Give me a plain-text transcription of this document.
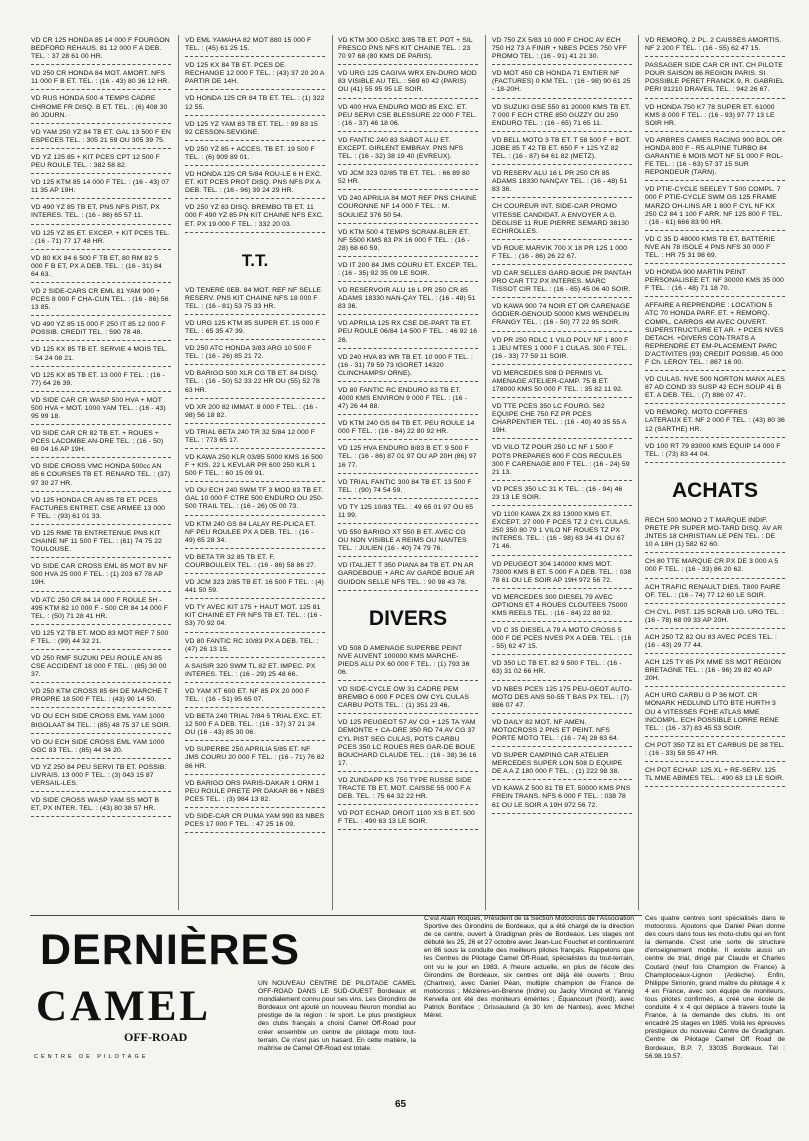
VD CR 125 HONDA 85 14 000 F FOURGON BEDFORD REHAUS. 81 12 000 F A DEB. TEL. : 37 28 61 00 HR.
VD 250 CR HONDA 84 MOT. AMORT. NFS 11 000 F B ET. TEL. : (16 - 43) 80 36 12 HR.
VD RUS HONDA 500 4 TEMPS CADRE CHROME FR DISQ. B ET. TEL. : (6) 408 30 80 JOURN.
VD YAM 250 YZ 84 TB ET. GAL 13 500 F EN ESPECES TEL. : 305 21 59 OU 305 39 75.
VD YZ 125 85 + KIT PCES CPT 12 500 F PEU ROULE TEL. : 382 58 82.
VD 125 KTM 85 14 000 F TEL. : (16 - 43) 07 11 35 AP 19H.
VD 490 YZ 85 TB ET, PNS NFS PIST, PX INTERES. TEL. : (16 - 86) 65 57 11.
VD 125 YZ 85 ET. EXCEP. + KIT PCES TEL. : (16 - 71) 77 17 48 HR.
VD 80 KX 84 6 500 F TB ET, 80 RM 82 5 000 F B ET, PX A DEB. TEL. : (16 - 31) 84 64 63.
VD 2 SIDE-CARS CR EML 81 YAM 900 + PCES 8 000 F CHA-CUN TEL. : (16 - 86) 56 13 85.
VD 490 YZ 85 15 000 F 250 IT 85 12 000 F POSSIB. CREDIT TEL. : 590 78 48.
VD 125 KX 85 TB ET. SERVIE 4 MOIS TEL. : 54 24 08 21.
VD 125 KX 85 TB ET. 13 000 F TEL. : (16 - 77) 64 26 39.
VD SIDE CAR CR WASP 500 HVA + MOT 500 HVA + MOT. 1000 YAM TEL. : (16 - 43) 95 99 18.
VD SIDE CAR CR 82 TB ET. + ROUES + PCES LACOMBE AN-DRE TEL. : (16 - 50) 69 04 16 AP 19H.
VD SIDE CROSS VMC HONDA 500cc AN 85 6 COURSES TB ET. RENARD TEL. : (37) 97 30 27 HR.
VD 125 HONDA CR AN 85 TB ET. PCES FACTURES ENTRET. CSE ARMEE 13 000 F TEL. : (93) 61 01 33.
VD 125 RME TB ENTRETENUE PNS KIT CHAINE NF 11 500 F TEL. : (61) 74 75 22 TOULOUSE.
VD SIDE CAR CROSS EML 85 MOT BV NF 500 HVA 25 000 F TEL. : (1) 203 67 78 AP 19H.
VD ATC 250 CR 84 14 000 F ROULE 5H - 495 KTM 82 10 000 F - 500 CR 84 14 000 F TEL. : (50) 71 28 41 HR.
VD 125 YZ TB ET. MOD 83 MOT REF 7 500 F TEL. : (99) 44 32 21.
VD 250 RMF SUZUKI PEU ROULE AN 85 CSE ACCIDENT 18 000 F TEL. : (85) 30 00 37.
VD 250 KTM CROSS 85 6H DE MARCHE T PROPRE 18 500 F TEL. : (43) 90 14 50.
VD OU ECH SIDE CROSS EML YAM 1000 BIGOLAAT 84 TEL. : (85) 48 75 37 LE SOIR.
VD OU ECH SIDE CROSS EML YAM 1000 GGC 83 TEL. : (85) 44 34 20.
VD YZ 250 84 PEU SERVI TB ET. POSSIB. LIVRAIS. 13 000 F TEL. : (3) 043 15 87 VERSAIL-LES.
VD SIDE CROSS WASP YAM SS MOT B ET, PX INTER. TEL. : (43) 80 38 57 HR.
VD EML YAMAHA 82 MOT 880 15 000 F TEL. : (45) 61 25 15.
VD 125 KX 84 TB ET. PCES DE RECHANGE 12 000 F TEL. : (43) 37 20 20 A PARTIR DE 14H.
VD HONDA 125 CR 84 TB ET. TEL. : (1) 322 12 55.
VD 125 YZ YAM 83 TB ET. TEL. : 99 83 15 92 CESSON-SEVIGNE.
VD 250 YZ 85 + ACCES. TB ET. 19 500 F TEL. : (6) 909 89 01.
VD HONDA 125 CR 5/84 ROU-LE 6 H EXC. ET. KIT PCES PROT DISQ. PNS NFS PX A DEB. TEL. : (16 - 96) 39 24 29 HR.
VD 250 YZ 83 DISQ. BREMBO TB ET. 11 000 F 490 YZ 85 PN KIT CHAINE NFS EXC. ET. PX 19 000 F TEL. : 332 20 03.
T.T.
VD TENERE 0EB. 84 MOT. REF NF SELLE RESERV. PNS KIT CHAINE NFS 18 000 F TEL. : (16 - 81) 53 75 33 HR.
VD URG 125 KTM 85 SUPER ET. 15 000 F TEL. : 65 35 47 39.
VD 250 ATC HONDA 3/83 ARG 10 500 F TEL. : (16 - 26) 85 21 72.
VD BARIGO 500 XLR CG TB ET. 84 DISQ. TEL. : (16 - 50) 52 33 22 HR OU (55) 52 78 63 HR.
VD XR 200 82 IMMAT. 8 000 F TEL. : (16 - 98) 56 18 82.
VD TRIAL BETA 240 TR 32 5/84 12 000 F TEL. : 773 65 17.
VD KAWA 250 KLR 03/85 5000 KMS 16 500 F + KIS. 22 L KEVLAR PR 600 250 KLR 1 500 F TEL. : 60 15 09 91.
VD OU ECH 240 SWM TF 3 MOD 83 TB ET. GAL 10 000 F CTRE 500 ENDURO OU 250-500 TRAIL TEL. : (16 - 26) 05 00 73.
VD KTM 240 GS 84 LALAY RE-PLICA ET. NF PEU ROULEE PX A DEB. TEL. : (16 - 49) 65 28 34.
VD BETA TR 32 85 TB ET. F, COURBOULEIX TEL. : (16 - 86) 58 86 27.
VD JCM 323 2/85 TB ET. 16 500 F TEL. : (4) 441 50 59.
VD TY AVEC KIT 175 + HAUT MOT. 125 81 KIT CHAINE ET FR NFS TB ET. TEL. : (16 - 53) 70 92 04.
VD 80 FANTIC RC 10/83 PX A DEB. TEL. : (47) 26 13 15.
A SAISIR 320 SWM TL 82 ET. IMPEC. PX INTERES. TEL. : (16 - 29) 25 48 66.
VD YAM XT 600 ET. NF 85 PX 20 000 F TEL. : (16 - 51) 95 65 07.
VD BETA 240 TRIAL 7/84 5 TRIAL EXC. ET. 12 500 F A DEB. TEL. : (16 - 37) 37 21 24 OU (16 - 43) 85 30 06.
VD SUPERBE 250 APRILIA 5/85 ET. NF JMS COURU 20 000 F TEL. : (16 - 71) 76 62 86 HR.
VD BARIGO ORS PARIS-DAKAR 1 ORM 1 PEU ROULE PRETE PR DAKAR 86 + NBES PCES TEL. : (3) 984 13 82.
VD SIDE-CAR CR PUMA YAM 990 83 NBES PCES 17 000 F TEL. : 47 25 16 09.
VD KTM 300 GSXC 3/85 TB ET. POT + SIL FRESCO PNS NFS KIT CHAINE TEL. : 23 70 97 68 (80 KMS DE PARIS).
VD URG 125 CAGIVA WRX EN-DURO MOD 83 VISIBLE AU TEL. : 569 60 42 (PARIS) OU (41) 55 95 95 LE SOIR.
VD 400 HVA ENDURO MOD 85 EXC. ET. PEU SERVI CSE BLESSURE 22 000 F TEL. : (16 - 37) 46 18 06.
VD FANTIC 240 83 SABOT ALU ET. EXCEPT. GIRLENT EMBRAY. PNS NFS TEL. : (16 - 32) 38 19 40 (EVREUX).
VD JCM 323 02/85 TB ET. TEL. : 66 89 80 52 HR.
VD 240 APRILIA 84 MOT REF PNS CHAINE COURONNE NF 14 000 F TEL. : M. SOULIEZ 376 50 54.
VD KTM 500 4 TEMPS SCRAM-BLER ET. NF 5500 KMS 83 PX 16 000 F TEL. : (16 - 28) 68 60 59.
VD IT 200 84 JMS COURU ET. EXCEP. TEL. : (16 - 35) 92 35 09 LE SOIR.
VD RESERVOIR ALU 16 L PR 250 CR 85 ADAMS 18330 NAN-ÇAY TEL. : (16 - 48) 51 83 36.
VD APRILIA 125 RX CSE DE-PART TB ET. PEU ROULE 06/84 14 500 F TEL. : 46 92 16 26.
VD 240 HVA 83 WR TB ET. 10 000 F TEL. : (16 - 31) 79 59 73 IGORET 14320 CLINCHAMPS/ ORNE).
VD 80 FANTIC RC ENDURO 83 TB ET. 4000 KMS ENVIRON 9 000 F TEL. : (16 - 47) 26 44 88.
VD KTM 240 GS 84 TB ET. PEU ROULE 14 000 F TEL. : (16 - 84) 22 80 92 HR.
VD 125 HVA ENDURO 8/83 B ET. 9 500 F TEL. : (16 - 86) 87 01 97 OU AP 20H (86) 97 16 77.
VD TRIAL FANTIC 300 84 TB ET. 13 500 F TEL. : (90) 74 54 59.
VD TY 125 10/83 TEL. : 49 65 01 97 OU 65 11 99.
VD 550 BARIGO XT 550 B ET. AVEC CG OU NON VISIBLE A REIMS OU NANTES TEL. : JULIEN (16 - 40) 74 79 76.
VD ITALJET T 350 PIANA 84 TB ET. PN AR GARDEBOUE + ARC AV GARDE BOUE AR GUIDON SELLE NFS TEL. : 90 98 43 78.
DIVERS
VD 508 D AMENAGE SUPERBE PEINT NVE AUVENT 100000 KMS MARCHE-PIEDS ALU PX 60 000 F TEL. : (1) 793 36 06.
VD SIDE-CYCLE OW 31 CADRE PEM BREMBO 6 000 F PCES OW CYL CULAS CARBU POTS TEL. : (1) 351 23 46.
VD 125 PEUGEOT 57 AV CG + 125 TA YAM DEMONTE + CA-DRE 350 RD 74 AV CG 37 CYL PIST SEG CULAS, POTS CARBU PCES 350 LC ROUES RES GAR-DE BOUE BOUCHARD CLAUDE TEL. : (16 - 38) 36 16 17.
VD ZUNDAPP KS 750 TYPE RUSSE SIDE TRACTE TB ET. MOT. CAISSE 55 000 F A DEB. TEL. : 75 64 32 22 HR.
VD POT ECHAP. DROIT 1100 XS B ET. 500 F TEL. : 490 63 13 LE SOIR.
VD 750 ZX 5/83 10 000 F CHOC AV ECH 750 H2 73 A FINIR + NBES PCES 750 VFF PROMO TEL. : (16 - 91) 41 21 30.
VD MOT 450 CB HONDA 71 ENTIER NF (FACTURES) 0 KM TEL. : (16 - 98) 90 61 25 - 18-20H.
VD SUZUKI GSE 550 81 20000 KMS TB ET. 7 000 F ECH CTRE 850 GUZZY OU 250 ENDURO TEL. : (16 - 65) 71 65 11.
VD BELL MOTO 3 TB ET. T 58 500 F + BOT. JOBE 85 T 42 TB ET. 650 F + 125 YZ 82 TEL. : (16 - 87) 64 61 82 (METZ).
VD RESERV ALU 16 L PR 250 CR 85 ADAMS 18330 NANÇAY TEL. : (16 - 48) 51 83 36.
CH COUREUR INT. SIDE-CAR PROMO VITESSE CANDIDAT. A ENVOYER A G. DEGLISE 11 RUE PIERRE SEMARD 38130 ECHIROLLES.
VD ROUE MARVIK 700 X 18 PR 125 1 000 F TEL. : (16 - 86) 26 22 67.
VD CAR SELLES GARD-BOUE PR PANTAH PRO CAR TT2 PX INTERES. MARC TISSOT CIR TEL. : (16 - 65) 45 06 40 SOIR.
VD KAWA 900 74 NOIR ET OR CARENAGE GODIER-GENOUD 50000 KMS WENDELIN FRANGY TEL. : (16 - 50) 77 22 95 SOIR.
VD PR 250 RDLC 1 VILO POLY NF 1 800 F 1 JEU MTES 1 000 F 1 CULAS. 300 F TEL. : (16 - 33) 77 59 11 SOIR.
VD MERCEDES 508 D PERMIS VL AMENAGE ATELIER-CAMP. 75 B ET. 178000 KMS 50 000 F TEL. : 35 82 11 92.
VD TTE PCES 350 LC FOURG. 562 EQUIPE CHE 750 FZ PR PCES CHARPENTIER TEL. : (16 - 40) 49 35 55 A 19H.
VD VILO TZ POUR 250 LC NF 1 500 F POTS PREPARES 600 F COS RECULES 300 F CARENAGE 800 F TEL. : (16 - 24) 59 21 13.
VD PCES 350 LC 31 K TEL. : (16 - 94) 46 23 13 LE SOIR.
VD 1100 KAWA ZX 83 13000 KMS ET. EXCEPT. 27 000 F PCES TZ 2 CYL CULAS. 250 350 80 79 1 VILO NF ROUES TZ PX INTERES. TEL. : (16 - 98) 63 34 41 OU 67 71 46.
VD PEUGEOT 304 140000 KMS MOT. 73000 KMS B ET. 5 000 F A DEB. TEL. : 038 78 61 OU LE SOIR AP 19H 972 56 72.
VD MERCEDES 300 DIESEL 79 AVEC OPTIONS ET 4 ROUES CLOUTEES 75000 KMS REELS TEL. : (16 - 84) 22 80 92.
VD C 35 DIESEL A 79 A MOTO CROSS 5 000 F DE PCES NVES PX A DEB. TEL. : (16 - 55) 62 47 15.
VD 350 LC TB ET. 82 9 500 F TEL. : (16 - 63) 31 02 66 HR.
VD NBES PCES 125 175 PEU-GEOT AUTO-MOTO DES ANS 50-55 T BAS PX TEL. : (7) 886 07 47.
VD DAILY 82 MOT. NF AMEN. MOTOCROSS 2 PNS ET PEINT. NFS PORTE MOTO TEL. : (16 - 74) 28 63 64.
VD SUPER CAMPING CAR ATELIER MERCEDES SUPER LON 508 D EQUIPE DE A A Z 180 000 F TEL. : (1) 222 98 38.
VD KAWA Z 500 81 TB ET. 50000 KMS PNS FREIN TRANS. NFS 6 000 F TEL. : 038 78 61 OU LE SOIR A 19H 972 56 72.
VD REMORQ. 2 PL. 2 CAISSES AMORTIS. NF 2 200 F TEL. : (16 - 55) 62 47 15.
PASSAGER SIDE CAR CR INT. CH PILOTE POUR SAISON 86 REGION PARIS. SI POSSIBLE PERET FRANCK 9, R. GABRIEL PERI 91210 DRAVEIL TEL. : 942 26 67.
VD HONDA 750 K7 78 SUPER ET. 61000 KMS 8 000 F TEL. : (16 - 93) 97 77 13 LE SOIR HR.
VD ARBRES CAMES RACING 900 BOL OR HONDA 800 F - R5 ALPINE TURBO 84 GARANTIE 6 MOIS MOT NF 51 000 F ROL-FE TEL. : (16 - 63) 57 37 15 SUR REPONDEUR (TARN).
VD PTIE-CYCLE SEELEY T 500 COMPL. 7 000 F PTIE-CYCLE SWM GS 125 FRAME MARZO OH-LINS AR 1 800 F CYL NF KX 250 C2 84 1 100 F ARR. NF 125 800 F TEL. : (16 - 61) 666 83 90 HR.
VD C 35 D 48000 KMS TB ET. BATTERIE NVE AN 78 ISOLE 4 PNS NFS 30 000 F TEL. : HR 75 31 98 69.
VD HONDA 900 MARTIN PEINT PERSONALISEE ET. NF 30000 KMS 35 000 F TEL. : (16 - 48) 71 18 70.
AFFAIRE A REPRENDRE : LOCATION 5 ATC 70 HONDA PARF. ET. + REMORQ. COMPL. CARROS 4M AVEC OUVERT. SUPERSTRUCTURE ET AR. + PCES NVES DETACH. +DIVERS CON-TRATS A REPRENDRE ET EM-PLACEMENT PARC D'ACTIVITES (93) CREDIT POSSIB. 45 000 F Ch. LEROY TEL. : 867 16 00.
VD CULAS. NVE 500 NORTON MANX ALES 87 AD COND 33 SUSP 42 ECH SOUP 41 B ET. A DEB. TEL. : (7) 886 07 47.
VD REMORQ. MOTO COFFRES LATERAUX ET. NF 2 000 F TEL. : (43) 80 36 12 (SARTHE) HR.
VD 100 RT 79 83000 KMS EQUIP 14 000 F TEL. : (73) 83 44 04.
ACHATS
RECH 500 MONO 2 T MARQUE INDIF. PRETE PR SUPER MO-TARD DISQ. AV AR JNTES 18 CHRISTIAN LE PEN TEL. : DE 10 A 18H (1) 582 62 60.
CH 80 TTE MARQUE CR PX DE 3 000 A 5 000 F TEL. : (16 - 33) 86 20 62.
ACH TRAFIC RENAULT DIES. T800 FAIRE OF. TEL. : (16 - 74) 77 12 60 LE SOIR.
CH CYL. PIST. 125 SCRAB LIG. URG TEL. : (16 - 78) 68 09 33 AP 20H.
ACH 250 TZ 82 OU 83 AVEC PCES TEL. : (16 - 43) 29 77 44.
ACH 125 TY 85 PX MME SS MOT REGION BRETAGNE TEL. : (16 - 96) 29 82 40 AP 20H.
ACH URG CARBU G P 36 MOT. CR MONARK HEDLUND LITO BTE HURTH 3 OU 4 VITESSES FCHE ATLAS MME INCOMPL. ECH POSSIBLE LORRE RENE TEL. : (16 - 37) 83 45 53 SOIR.
CH POT 350 TZ 81 ET CARBUS DE 38 TEL. : (16 - 33) 58 55 47 HR.
CH POT ECHAP. 125 XL + RE-SERV. 125 TL MME ABIMES TEL. : 490 63 13 LE SOIR.
DERNIÈRES
CAMEL
OFF-ROAD
CENTRE DE PILOTAGE
UN NOUVEAU CENTRE DE PILOTAGE CAMEL OFF-ROAD DANS LE SUD-OUEST Bordeaux et mondialement connu pour ses vins. Les Girondins de Bordeaux ont ajouté un nouveau fleuron mondial au prestige de la région : le sport. Le plus prestigieux des clubs français a choisi Camel Off-Road pour créer ensemble un centre de pilotage moto tout-terrain. Ce n'est pas un hasard. En cette matière, la maîtrise de Camel Off-Road est totale.
C'est Alain Roques, Président de la Section Motocross de l'Association Sportive des Girondins de Bordeaux, qui a été chargé de la direction de ce centre, ouvert à Gradignan près de Bordeaux. Les stages ont débuté les 25, 26 et 27 octobre avec Jean-Luc Fouchet et continueront en 86 sous la conduite des meilleurs pilotes français. Rappelons que les Centres de Pilotage Camel Off-Road, spécialistes du tout-terrain, ont vu le jour en 1983. A l'heure actuelle, en plus de l'école des Girondins de Bordeaux, six centres ont déjà été ouverts : Brou (Chartres), avec Daniel Péan, multiple champion de France de motocross ; Mézières-en-Brenne (Indre) ou Jacky Vimond et Yannig Kervella ont été des moniteurs émérites ; Équancourt (Nord), avec Patrick Boniface ; Grissauland (à 30 km de Nantes), avec Michel Mérel.
Ces quatre centres sont spécialisés dans le motocross. Ajoutons que Daniel Péan donne des cours dans tous les moto-clubs qui en font la demande. C'est une sorte de structure d'enseignement mobile. Il existe aussi un centre de trial, dirigé par Claude et Charles Coutard (neuf fois Champion de France) à Champtoceaux-Lignon (Ardèche). Enfin, Philippe Simonin, grand maître du pilotage 4 x 4 en France, avec son équipe de moniteurs, tous pilotes confirmés, a créé une école de conduite 4 x 4 qui déplace à travers toute la France, à la demande des clubs. Ils ont encadré 25 stages en 1985. Voilà les épreuves prestigieux du nouveau Centre de Gradignan. Centre de Pilotage Camel Off Road de Bordeaux, B.P. 7, 33035 Bordeaux. Tél : 56.98.19.57.
65
